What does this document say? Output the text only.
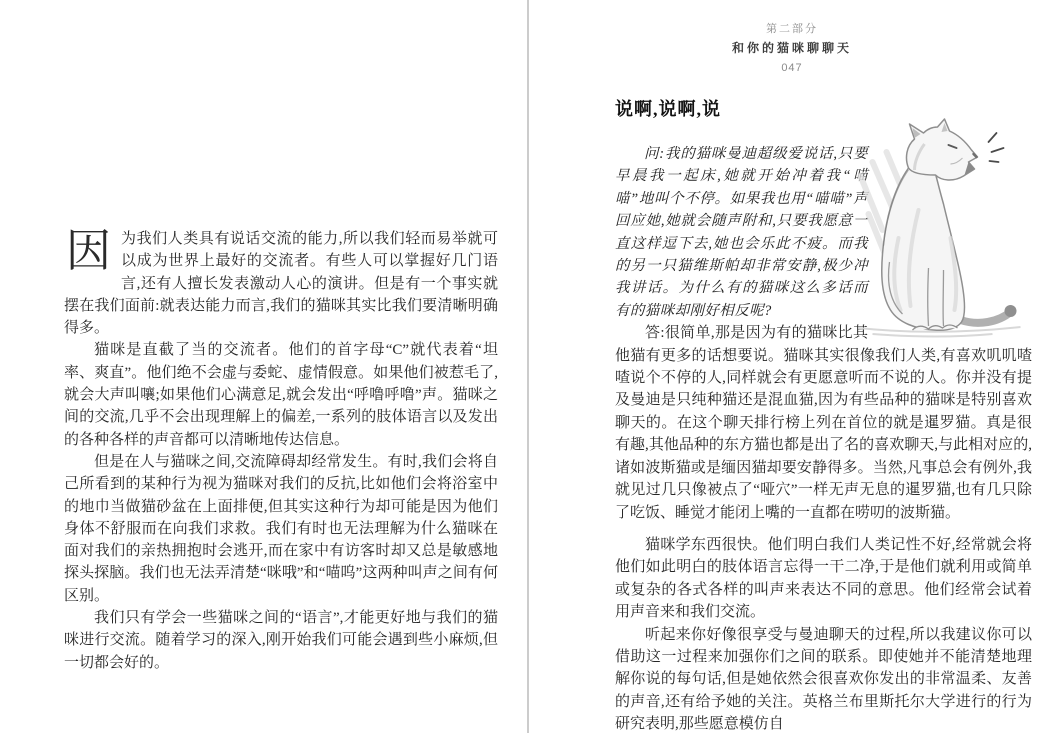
因为我们人类具有说话交流的能力,所以我们轻而易举就可以成为世界上最好的交流者。有些人可以掌握好几门语言,还有人擅长发表激动人心的演讲。但是有一个事实就摆在我们面前:就表达能力而言,我们的猫咪其实比我们要清晰明确得多。

猫咪是直截了当的交流者。他们的首字母“C”就代表着“坦率、爽直”。他们绝不会虚与委蛇、虚情假意。如果他们被惹毛了,就会大声叫嚷;如果他们心满意足,就会发出“呼噜呼噜”声。猫咪之间的交流,几乎不会出现理解上的偏差,一系列的肢体语言以及发出的各种各样的声音都可以清晰地传达信息。

但是在人与猫咪之间,交流障碍却经常发生。有时,我们会将自己所看到的某种行为视为猫咪对我们的反抗,比如他们会将浴室中的地巾当做猫砂盆在上面排便,但其实这种行为却可能是因为他们身体不舒服而在向我们求救。我们有时也无法理解为什么猫咪在面对我们的亲热拥抱时会逃开,而在家中有访客时却又总是敏感地探头探脑。我们也无法弄清楚“咪哦”和“喵呜”这两种叫声之间有何区别。

我们只有学会一些猫咪之间的“语言”,才能更好地与我们的猫咪进行交流。随着学习的深入,刚开始我们可能会遇到些小麻烦,但一切都会好的。

第二部分
和你的猫咪聊聊天
047
说啊,说啊,说

问:我的猫咪曼迪超级爱说话,只要早晨我一起床,她就开始冲着我“喵喵”地叫个不停。如果我也用“喵喵”声回应她,她就会随声附和,只要我愿意一直这样逗下去,她也会乐此不疲。而我的另一只猫维斯帕却非常安静,极少冲我讲话。为什么有的猫咪这么多话而有的猫咪却刚好相反呢?

答:很简单,那是因为有的猫咪比其他猫有更多的话想要说。猫咪其实很像我们人类,有喜欢叽叽喳喳说个不停的人,同样就会有更愿意听而不说的人。你并没有提及曼迪是只纯种猫还是混血猫,因为有些品种的猫咪是特别喜欢聊天的。在这个聊天排行榜上列在首位的就是暹罗猫。真是很有趣,其他品种的东方猫也都是出了名的喜欢聊天,与此相对应的,诸如波斯猫或是缅因猫却要安静得多。当然,凡事总会有例外,我就见过几只像被点了“哑穴”一样无声无息的暹罗猫,也有几只除了吃饭、睡觉才能闭上嘴的一直都在唠叨的波斯猫。

猫咪学东西很快。他们明白我们人类记性不好,经常就会将他们如此明白的肢体语言忘得一干二净,于是他们就利用或简单或复杂的各式各样的叫声来表达不同的意思。他们经常会试着用声音来和我们交流。

听起来你好像很享受与曼迪聊天的过程,所以我建议你可以借助这一过程来加强你们之间的联系。即使她并不能清楚地理解你说的每句话,但是她依然会很喜欢你发出的非常温柔、友善的声音,还有给予她的关注。英格兰布里斯托尔大学进行的行为研究表明,那些愿意模仿自
